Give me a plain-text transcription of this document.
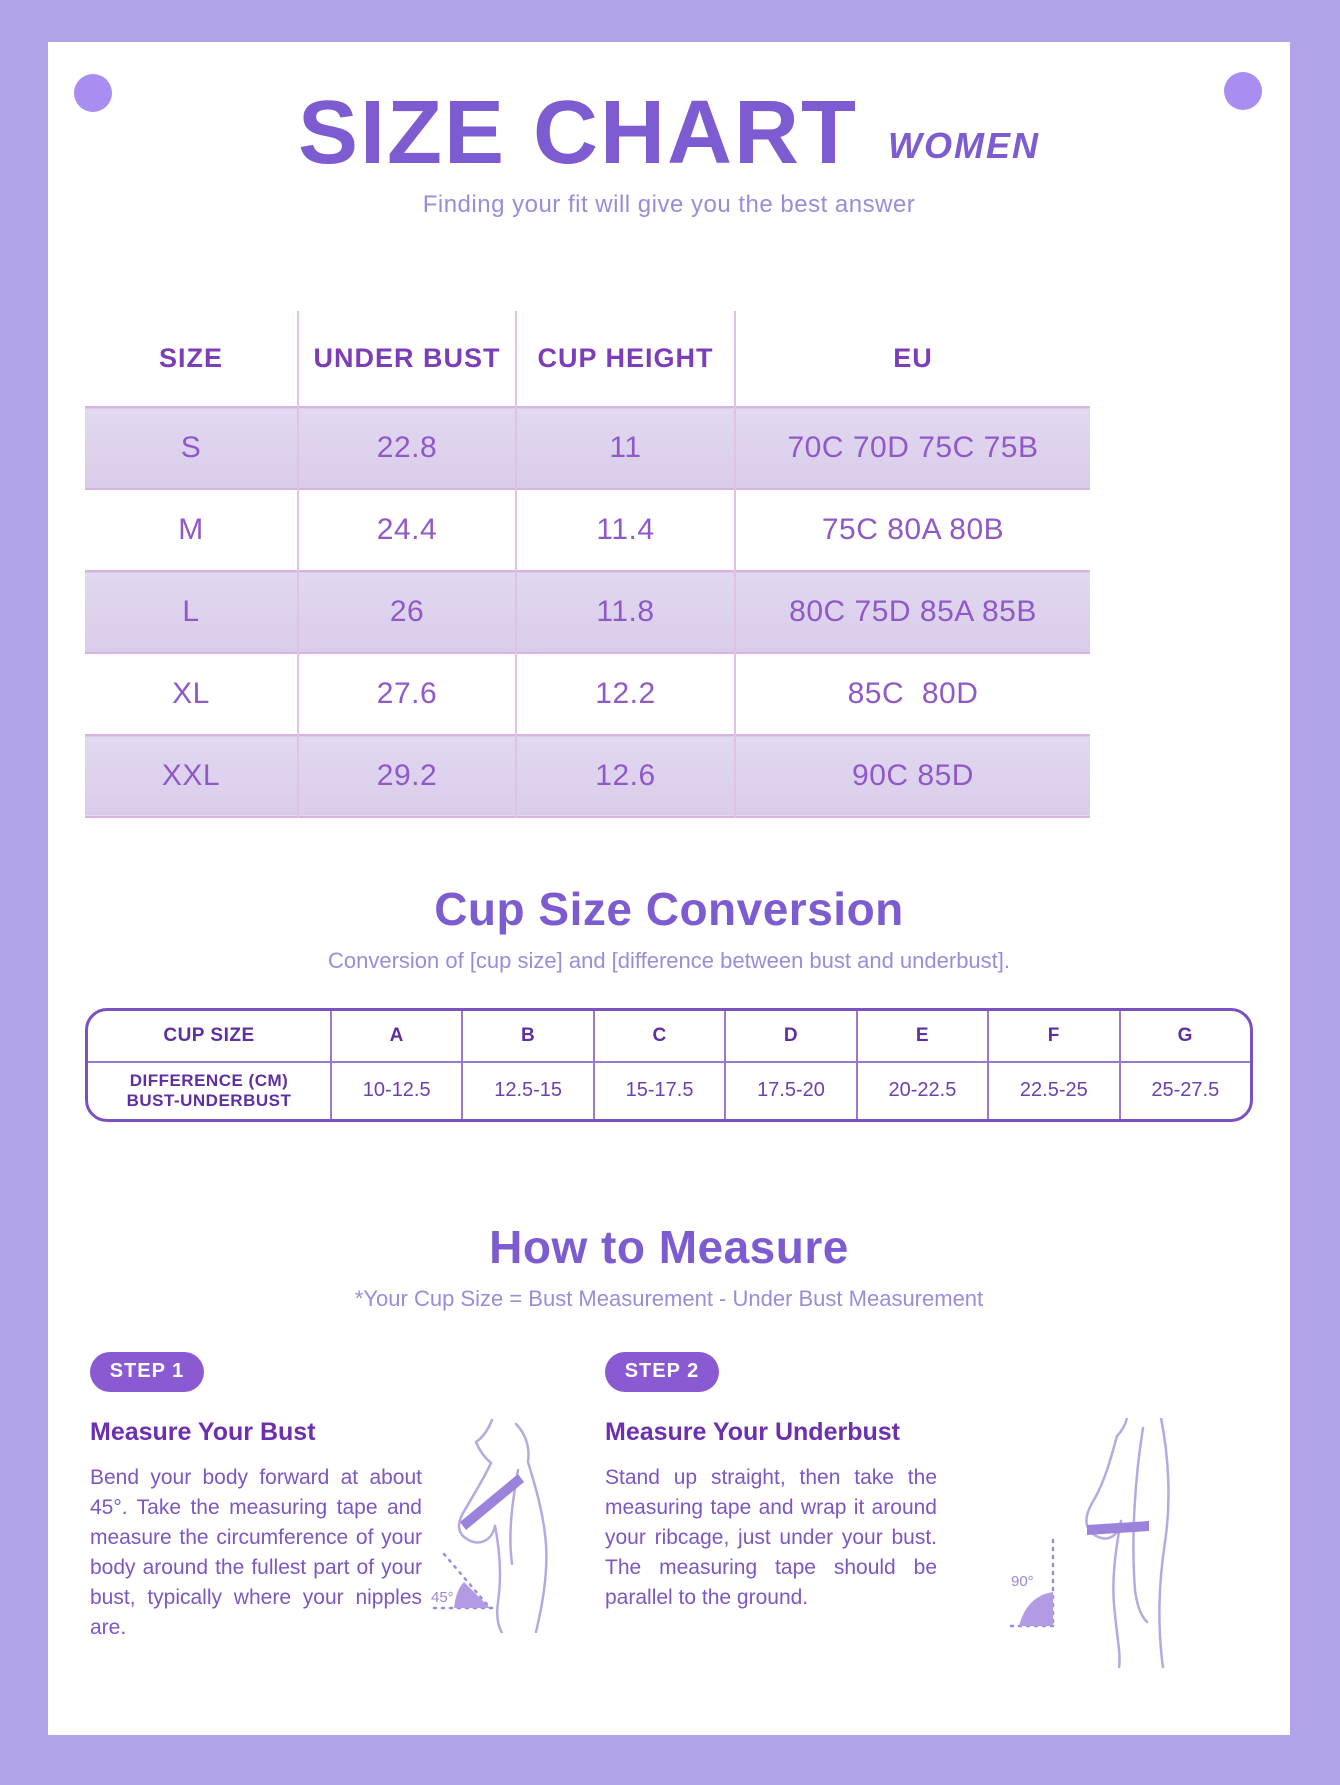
SIZE CHART WOMEN
Finding your fit will give you the best answer
SIZE	UNDER BUST	CUP HEIGHT	EU
S	22.8	11	70C 70D 75C 75B
M	24.4	11.4	75C 80A 80B
L	26	11.8	80C 75D 85A 85B
XL	27.6	12.2	85C  80D
XXL	29.2	12.6	90C 85D
Cup Size Conversion
Conversion of [cup size] and [difference between bust and underbust].
CUP SIZE	A	B	C	D	E	F	G
DIFFERENCE (CM)
BUST-UNDERBUST	10-12.5	12.5-15	15-17.5	17.5-20	20-22.5	22.5-25	25-27.5
How to Measure
*Your Cup Size = Bust Measurement - Under Bust Measurement
STEP 1
Measure Your Bust
Bend your body forward at about 45°. Take the measuring tape and measure the circumference of your body around the fullest part of your bust, typically where your nipples are.
45°
STEP 2
Measure Your Underbust
Stand up straight, then take the measuring tape and wrap it around your ribcage, just under your bust. The measuring tape should be parallel to the ground.
90°
